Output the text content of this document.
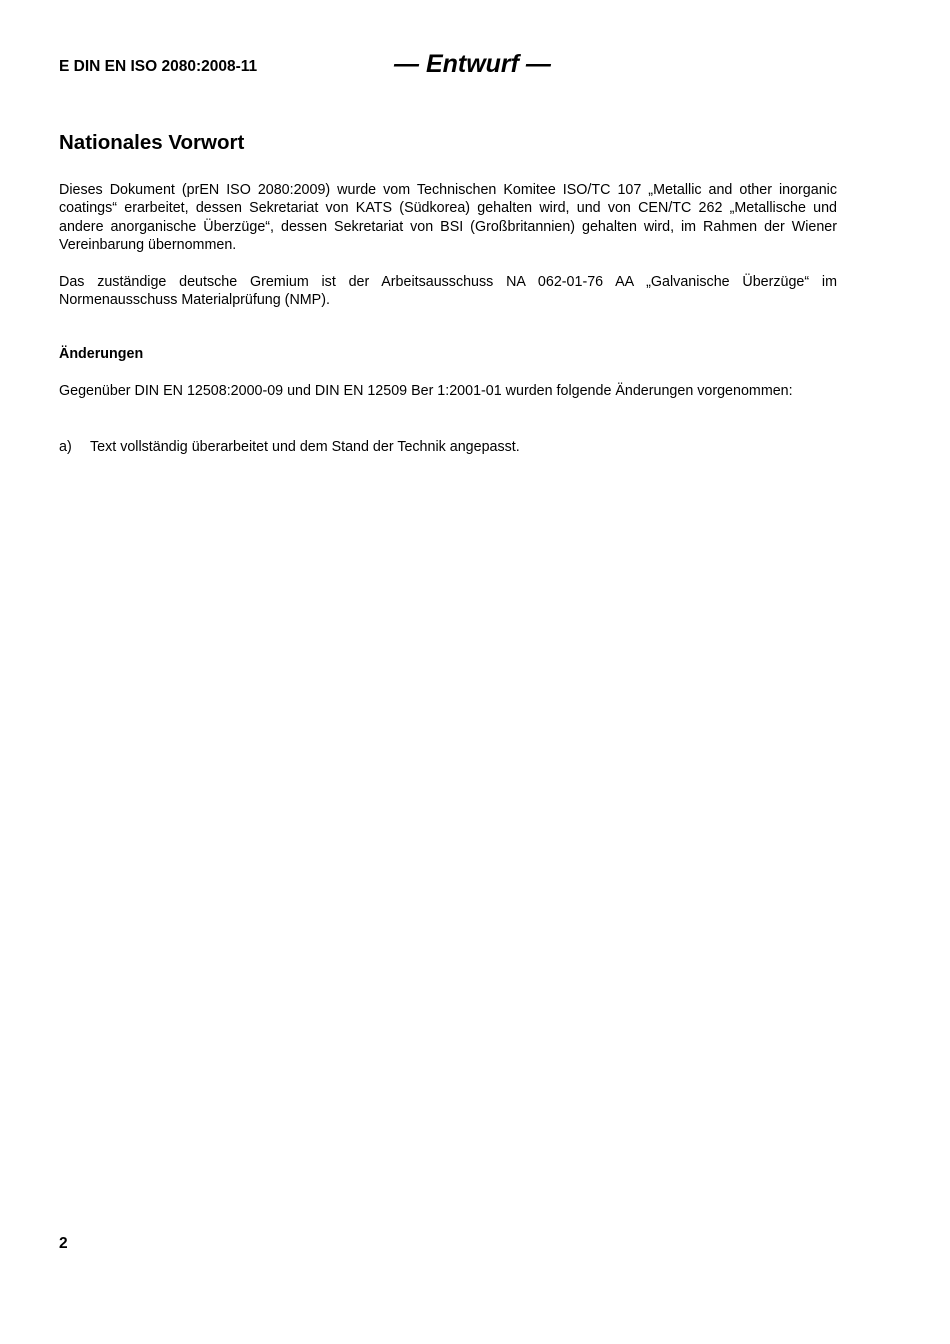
E DIN EN ISO 2080:2008-11	— Entwurf —
Nationales Vorwort
Dieses Dokument (prEN ISO 2080:2009) wurde vom Technischen Komitee ISO/TC 107 „Metallic and other inorganic coatings“ erarbeitet, dessen Sekretariat von KATS (Südkorea) gehalten wird, und von CEN/TC 262 „Metallische und andere anorganische Überzüge“, dessen Sekretariat von BSI (Großbritannien) gehalten wird, im Rahmen der Wiener Vereinbarung übernommen.
Das zuständige deutsche Gremium ist der Arbeitsausschuss NA 062-01-76 AA „Galvanische Überzüge“ im Normenausschuss Materialprüfung (NMP).
Änderungen
Gegenüber DIN EN 12508:2000-09 und DIN EN 12509 Ber 1:2001-01 wurden folgende Änderungen vorgenommen:
a)	Text vollständig überarbeitet und dem Stand der Technik angepasst.
2
